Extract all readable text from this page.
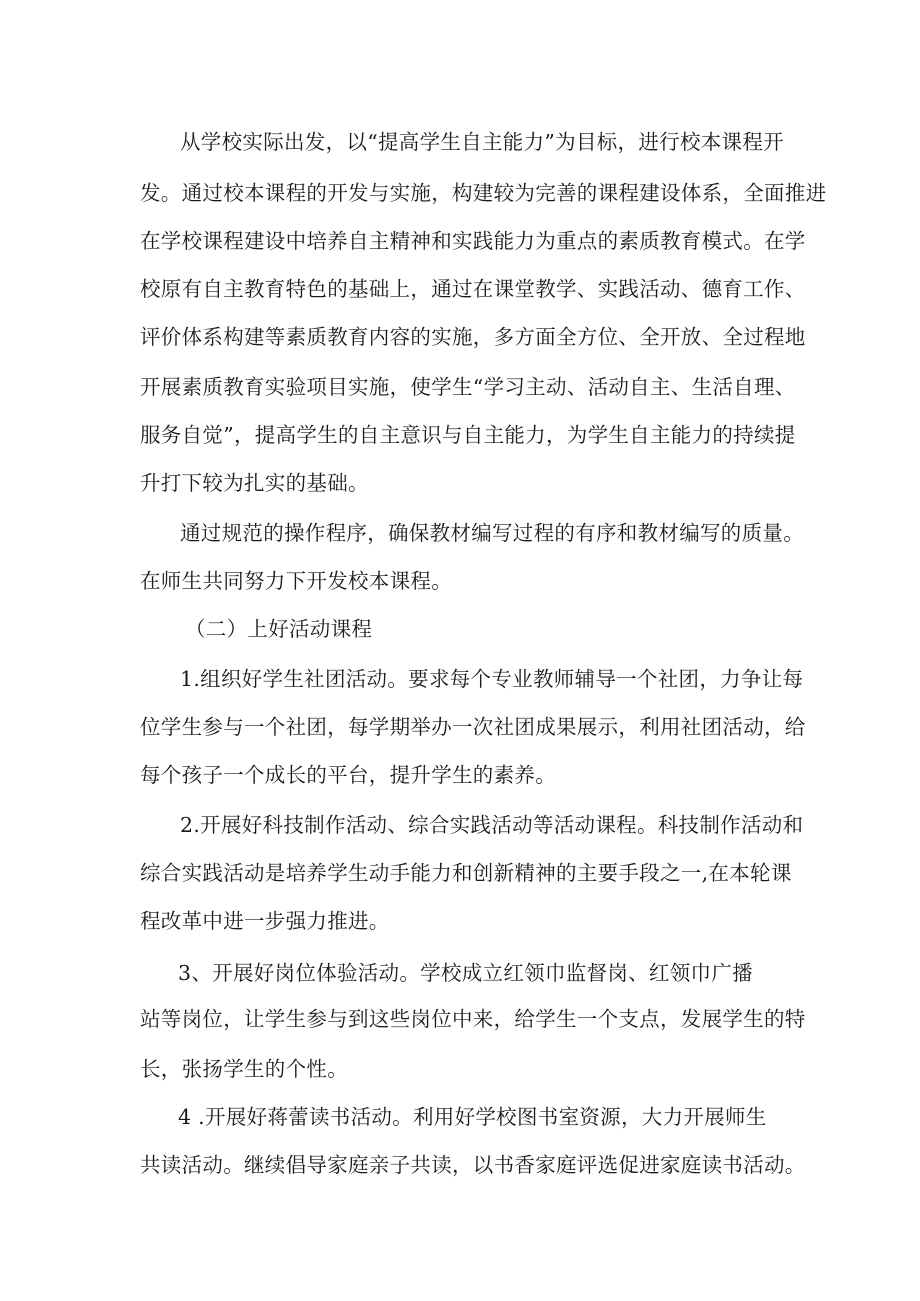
从学校实际出发，以“提高学生自主能力”为目标，进行校本课程开
发。通过校本课程的开发与实施，构建较为完善的课程建设体系，全面推进
在学校课程建设中培养自主精神和实践能力为重点的素质教育模式。在学
校原有自主教育特色的基础上，通过在课堂教学、实践活动、德育工作、
评价体系构建等素质教育内容的实施，多方面全方位、全开放、全过程地
开展素质教育实验项目实施，使学生“学习主动、活动自主、生活自理、
服务自觉”，提高学生的自主意识与自主能力，为学生自主能力的持续提
升打下较为扎实的基础。
通过规范的操作程序，确保教材编写过程的有序和教材编写的质量。
在师生共同努力下开发校本课程。
（二）上好活动课程
1.组织好学生社团活动。要求每个专业教师辅导一个社团，力争让每
位学生参与一个社团，每学期举办一次社团成果展示，利用社团活动，给
每个孩子一个成长的平台，提升学生的素养。
2.开展好科技制作活动、综合实践活动等活动课程。科技制作活动和
综合实践活动是培养学生动手能力和创新精神的主要手段之一,在本轮课
程改革中进一步强力推进。
3、开展好岗位体验活动。学校成立红领巾监督岗、红领巾广播
站等岗位，让学生参与到这些岗位中来，给学生一个支点，发展学生的特
长，张扬学生的个性。
4 .开展好蒋蕾读书活动。利用好学校图书室资源，大力开展师生
共读活动。继续倡导家庭亲子共读，以书香家庭评选促进家庭读书活动。
